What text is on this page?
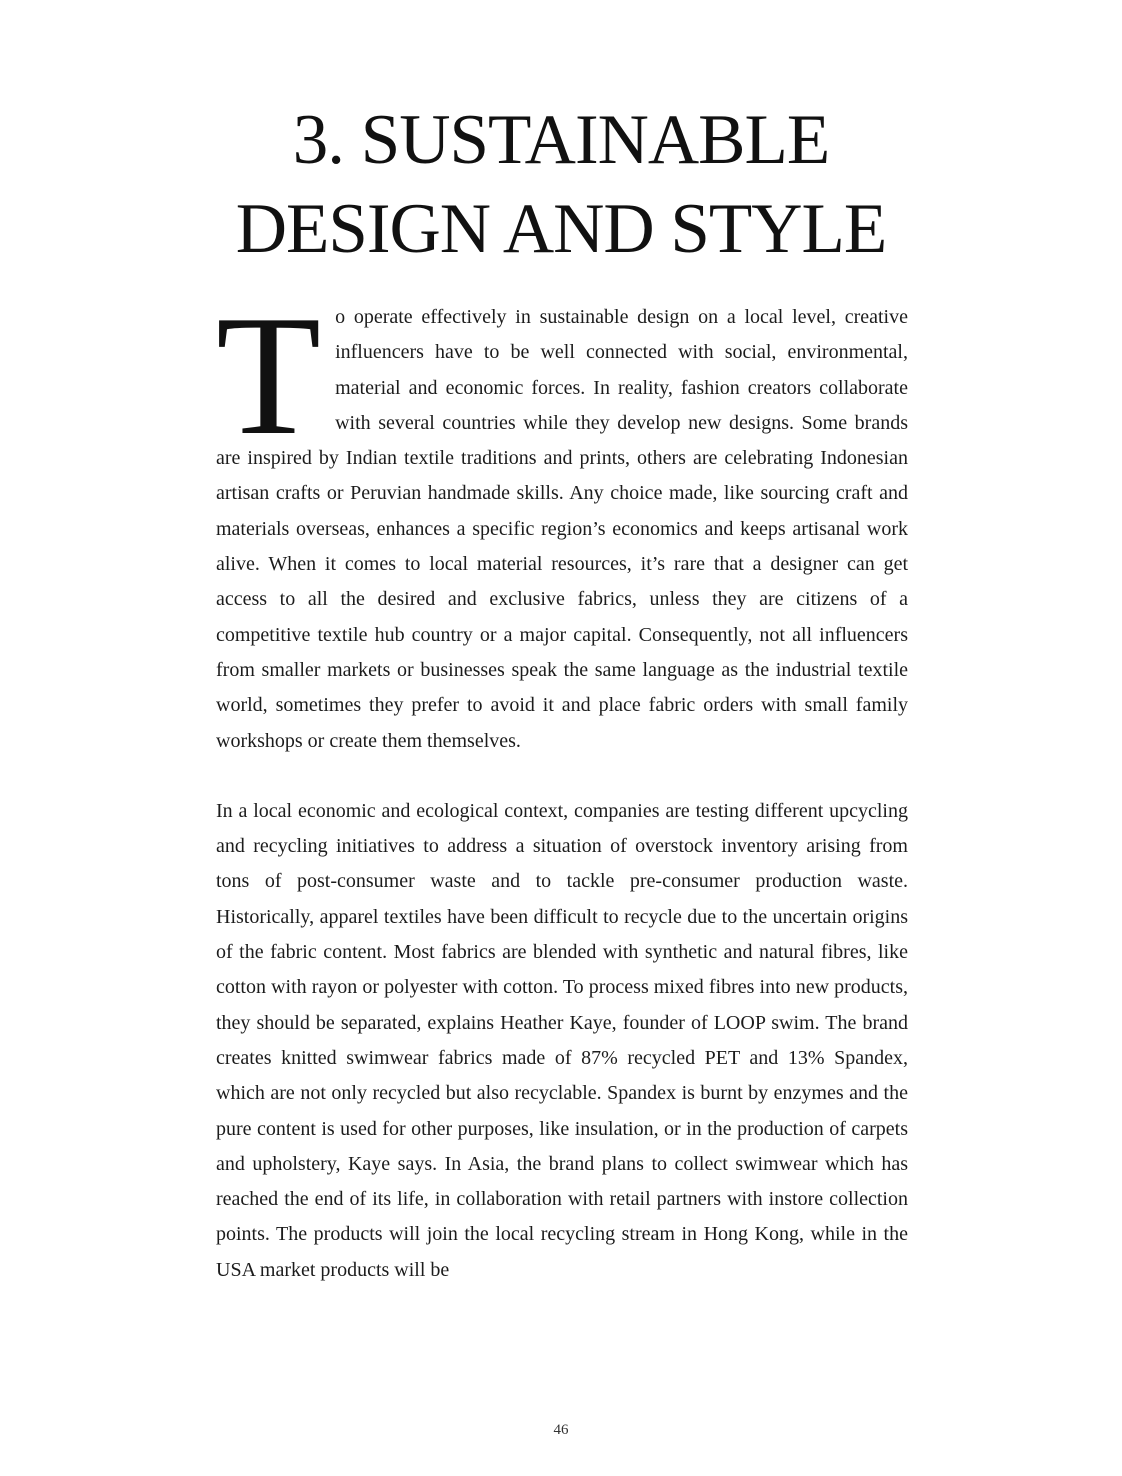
3. SUSTAINABLE
DESIGN AND STYLE

To operate effectively in sustainable design on a local level, creative influencers have to be well connected with social, environmental, material and economic forces. In reality, fashion creators collaborate with several countries while they develop new designs. Some brands are inspired by Indian textile traditions and prints, others are celebrating Indonesian artisan crafts or Peruvian handmade skills. Any choice made, like sourcing craft and materials overseas, enhances a specific region’s economics and keeps artisanal work alive. When it comes to local material resources, it’s rare that a designer can get access to all the desired and exclusive fabrics, unless they are citizens of a competitive textile hub country or a major capital. Consequently, not all influencers from smaller markets or businesses speak the same language as the industrial textile world, sometimes they prefer to avoid it and place fabric orders with small family workshops or create them themselves.

In a local economic and ecological context, companies are testing different upcycling and recycling initiatives to address a situation of overstock inventory arising from tons of post-consumer waste and to tackle pre-consumer production waste. Historically, apparel textiles have been difficult to recycle due to the uncertain origins of the fabric content. Most fabrics are blended with synthetic and natural fibres, like cotton with rayon or polyester with cotton. To process mixed fibres into new products, they should be separated, explains Heather Kaye, founder of LOOP swim. The brand creates knitted swimwear fabrics made of 87% recycled PET and 13% Spandex, which are not only recycled but also recyclable. Spandex is burnt by enzymes and the pure content is used for other purposes, like insulation, or in the production of carpets and upholstery, Kaye says. In Asia, the brand plans to collect swimwear which has reached the end of its life, in collaboration with retail partners with instore collection points. The products will join the local recycling stream in Hong Kong, while in the USA market products will be

46
